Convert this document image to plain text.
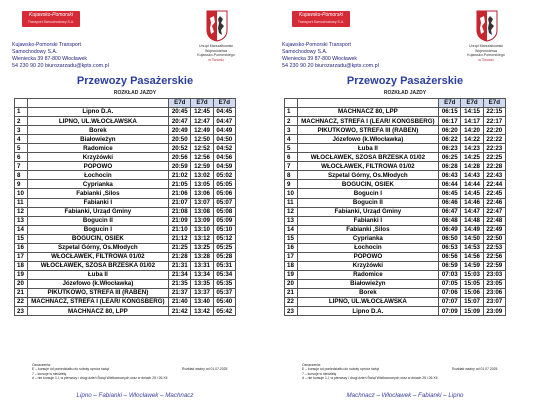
Kujawsko-Pomorski
Transport Samochodowy S.A.
Kujawsko-Pomorski Transport
Samochodowy S.A.
Wieniecka 39 87-800 Włocławek
54 230 90 20 biurozarzadu@kpts.com.pl
Urząd Marszałkowski
Województwa
Kujawsko-Pomorskiego
w Toruniu
Przewozy Pasażerskie
ROZKŁAD JAZDY
		E7d	E7d	E7d
1	Lipno D.A.	20:45	12:45	04:45
2	LIPNO, UL.WŁOCŁAWSKA	20:47	12:47	04:47
3	Borek	20:49	12:49	04:49
4	Białowieżyn	20:50	12:50	04:50
5	Radomice	20:52	12:52	04:52
6	Krzyżówki	20:56	12:56	04:56
7	POPOWO	20:59	12:59	04:59
8	Łochocin	21:02	13:02	05:02
9	Cyprianka	21:05	13:05	05:05
10	Fabianki ,Silos	21:06	13:06	05:06
11	Fabianki I	21:07	13:07	05:07
12	Fabianki, Urząd Gminy	21:08	13:08	05:08
13	Bogucin II	21:09	13:09	05:09
14	Bogucin I	21:10	13:10	05:10
15	BOGUCIN, OSIEK	21:12	13:12	05:12
16	Szpetal Górny, Os.Młodych	21:25	13:25	05:25
17	WŁOCŁAWEK, FILTROWA 01/02	21:28	13:28	05:28
18	WŁOCŁAWEK, SZOSA BRZESKA 01/02	21:31	13:31	05:31
19	Łuba II	21:34	13:34	05:34
20	Józefowo (k.Włocławka)	21:35	13:35	05:35
21	PIKUTKOWO, STREFA III (RABEN)	21:37	13:37	05:37
22	MACHNACZ, STREFA I (LEAR/ KONGSBERG)	21:40	13:40	05:40
23	MACHNACZ 80, LPP	21:42	13:42	05:42
Oznaczenia:
E – kursuje od poniedziałku do soboty oprócz świąt
7 – kursuje w niedzielę
d – nie kursuje 1.I, w pierwszy i drugi dzień Świąt Wielkanocnych oraz w dniach 25 i 26.XII
Rozkład ważny od 01.07.2025
Lipno – Fabianki – Włocławek – Machnacz
Kujawsko-Pomorski
Transport Samochodowy S.A.
Kujawsko-Pomorski Transport
Samochodowy S.A.
Wieniecka 39 87-800 Włocławek
54 230 90 20 biurozarzadu@kpts.com.pl
Urząd Marszałkowski
Województwa
Kujawsko-Pomorskiego
w Toruniu
Przewozy Pasażerskie
ROZKŁAD JAZDY
		E7d	E7d	E7d
1	MACHNACZ 80, LPP	06:15	14:15	22:15
2	MACHNACZ, STREFA I (LEAR/ KONGSBERG)	06:17	14:17	22:17
3	PIKUTKOWO, STREFA III (RABEN)	06:20	14:20	22:20
4	Józefowo (k.Włocławka)	06:22	14:22	22:22
5	Łuba II	06:23	14:23	22:23
6	WŁOCŁAWEK, SZOSA BRZESKA 01/02	06:25	14:25	22:25
7	WŁOCŁAWEK, FILTROWA 01/02	06:28	14:28	22:28
8	Szpetal Górny, Os.Młodych	06:43	14:43	22:43
9	BOGUCIN, OSIEK	06:44	14:44	22:44
10	Bogucin I	06:45	14:45	22:45
11	Bogucin II	06:46	14:46	22:46
12	Fabianki, Urząd Gminy	06:47	14:47	22:47
13	Fabianki I	06:48	14:48	22:48
14	Fabianki ,Silos	06:49	14:49	22:49
15	Cyprianka	06:50	14:50	22:50
16	Łochocin	06:53	14:53	22:53
17	POPOWO	06:56	14:56	22:56
18	Krzyżówki	06:59	14:59	22:59
19	Radomice	07:03	15:03	23:03
20	Białowieżyn	07:05	15:05	23:05
21	Borek	07:06	15:06	23:06
22	LIPNO, UL.WŁOCŁAWSKA	07:07	15:07	23:07
23	Lipno D.A.	07:09	15:09	23:09
Oznaczenia:
E – kursuje od poniedziałku do soboty oprócz świąt
7 – kursuje w niedzielę
d – nie kursuje 1.I, w pierwszy i drugi dzień Świąt Wielkanocnych oraz w dniach 25 i 26.XII
Rozkład ważny od 01.07.2025
Machnacz – Włocławek – Fabianki – Lipno
